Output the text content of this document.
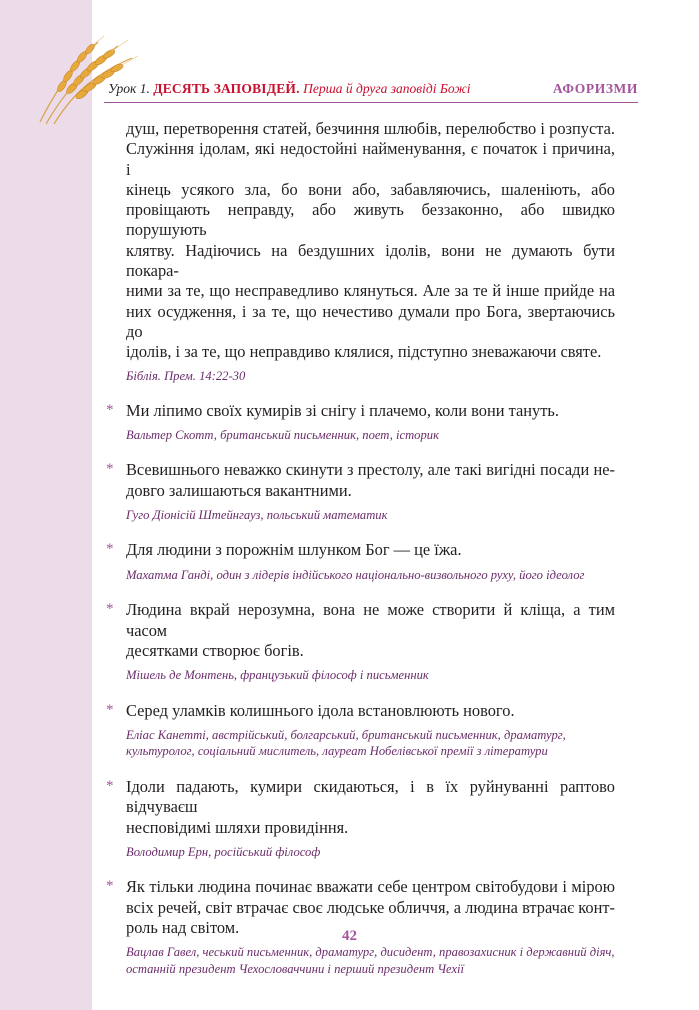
Урок 1. ДЕСЯТЬ ЗАПОВІДЕЙ. Перша й друга заповіді Божі	АФОРИЗМИ

душ, перетворення статей, безчиння шлюбів, перелюбство і розпуста.
Служіння ідолам, які недостойні найменування, є початок і причина, і
кінець усякого зла, бо вони або, забавляючись, шаленіють, або
провіщають неправду, або живуть беззаконно, або швидко порушують
клятву. Надіючись на бездушних ідолів, вони не думають бути покара-
ними за те, що несправедливо клянуться. Але за те й інше прийде на
них осудження, і за те, що нечестиво думали про Бога, звертаючись до
ідолів, і за те, що неправдиво клялися, підступно зневажаючи святе.

Біблія. Прем. 14:22-30
* Ми ліпимо своїх кумирів зі снігу і плачемо, коли вони тануть.

Вальтер Скотт, британський письменник, поет, історик
* Всевишнього неважко скинути з престолу, але такі вигідні посади не-
довго залишаються вакантними.

Гуго Діонісій Штейнгауз, польський математик
* Для людини з порожнім шлунком Бог — це їжа.

Махатма Ганді, один з лідерів індійського національно-визвольного руху, його ідеолог
* Людина вкрай нерозумна, вона не може створити й кліща, а тим часом
десятками створює богів.

Мішель де Монтень, французький філософ і письменник
* Серед уламків колишнього ідола встановлюють нового.

Еліас Канетті, австрійський, болгарський, британський письменник, драматург,
культуролог, соціальний мислитель, лауреат Нобелівської премії з літератури
* Ідоли падають, кумири скидаються, і в їх руйнуванні раптово відчуваєш
несповідимі шляхи провидіння.

Володимир Ерн, російський філософ
* Як тільки людина починає вважати себе центром світобудови і мірою
всіх речей, світ втрачає своє людське обличчя, а людина втрачає конт-
роль над світом.

Вацлав Гавел, чеський письменник, драматург, дисидент, правозахисник і державний діяч,
останній президент Чехословаччини і перший президент Чехії
42
